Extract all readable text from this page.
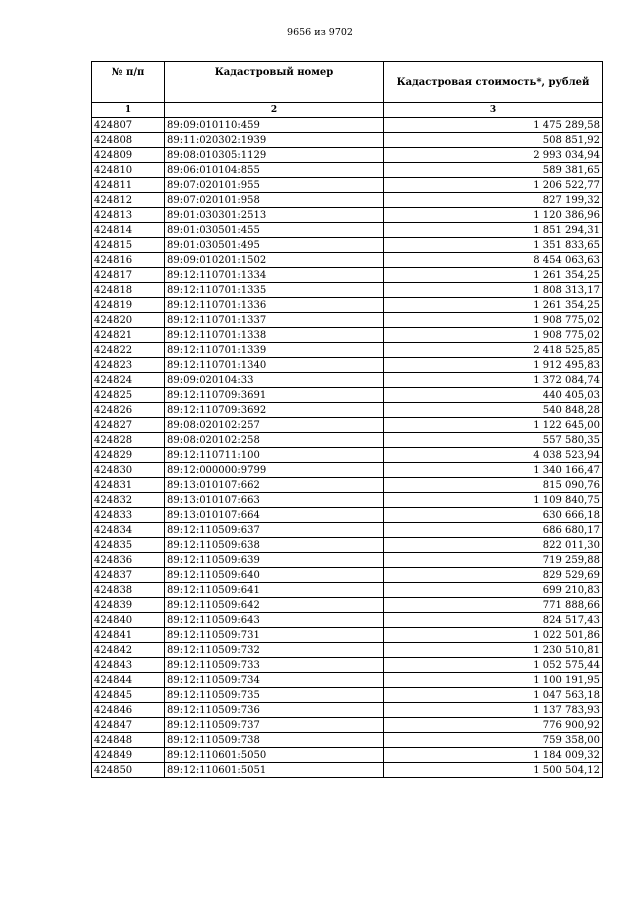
9656 из 9702
№ п/п	Кадастровый номер	Кадастровая стоимость*, рублей
1	2	3
424807	89:09:010110:459	1 475 289,58
424808	89:11:020302:1939	508 851,92
424809	89:08:010305:1129	2 993 034,94
424810	89:06:010104:855	589 381,65
424811	89:07:020101:955	1 206 522,77
424812	89:07:020101:958	827 199,32
424813	89:01:030301:2513	1 120 386,96
424814	89:01:030501:455	1 851 294,31
424815	89:01:030501:495	1 351 833,65
424816	89:09:010201:1502	8 454 063,63
424817	89:12:110701:1334	1 261 354,25
424818	89:12:110701:1335	1 808 313,17
424819	89:12:110701:1336	1 261 354,25
424820	89:12:110701:1337	1 908 775,02
424821	89:12:110701:1338	1 908 775,02
424822	89:12:110701:1339	2 418 525,85
424823	89:12:110701:1340	1 912 495,83
424824	89:09:020104:33	1 372 084,74
424825	89:12:110709:3691	440 405,03
424826	89:12:110709:3692	540 848,28
424827	89:08:020102:257	1 122 645,00
424828	89:08:020102:258	557 580,35
424829	89:12:110711:100	4 038 523,94
424830	89:12:000000:9799	1 340 166,47
424831	89:13:010107:662	815 090,76
424832	89:13:010107:663	1 109 840,75
424833	89:13:010107:664	630 666,18
424834	89:12:110509:637	686 680,17
424835	89:12:110509:638	822 011,30
424836	89:12:110509:639	719 259,88
424837	89:12:110509:640	829 529,69
424838	89:12:110509:641	699 210,83
424839	89:12:110509:642	771 888,66
424840	89:12:110509:643	824 517,43
424841	89:12:110509:731	1 022 501,86
424842	89:12:110509:732	1 230 510,81
424843	89:12:110509:733	1 052 575,44
424844	89:12:110509:734	1 100 191,95
424845	89:12:110509:735	1 047 563,18
424846	89:12:110509:736	1 137 783,93
424847	89:12:110509:737	776 900,92
424848	89:12:110509:738	759 358,00
424849	89:12:110601:5050	1 184 009,32
424850	89:12:110601:5051	1 500 504,12
